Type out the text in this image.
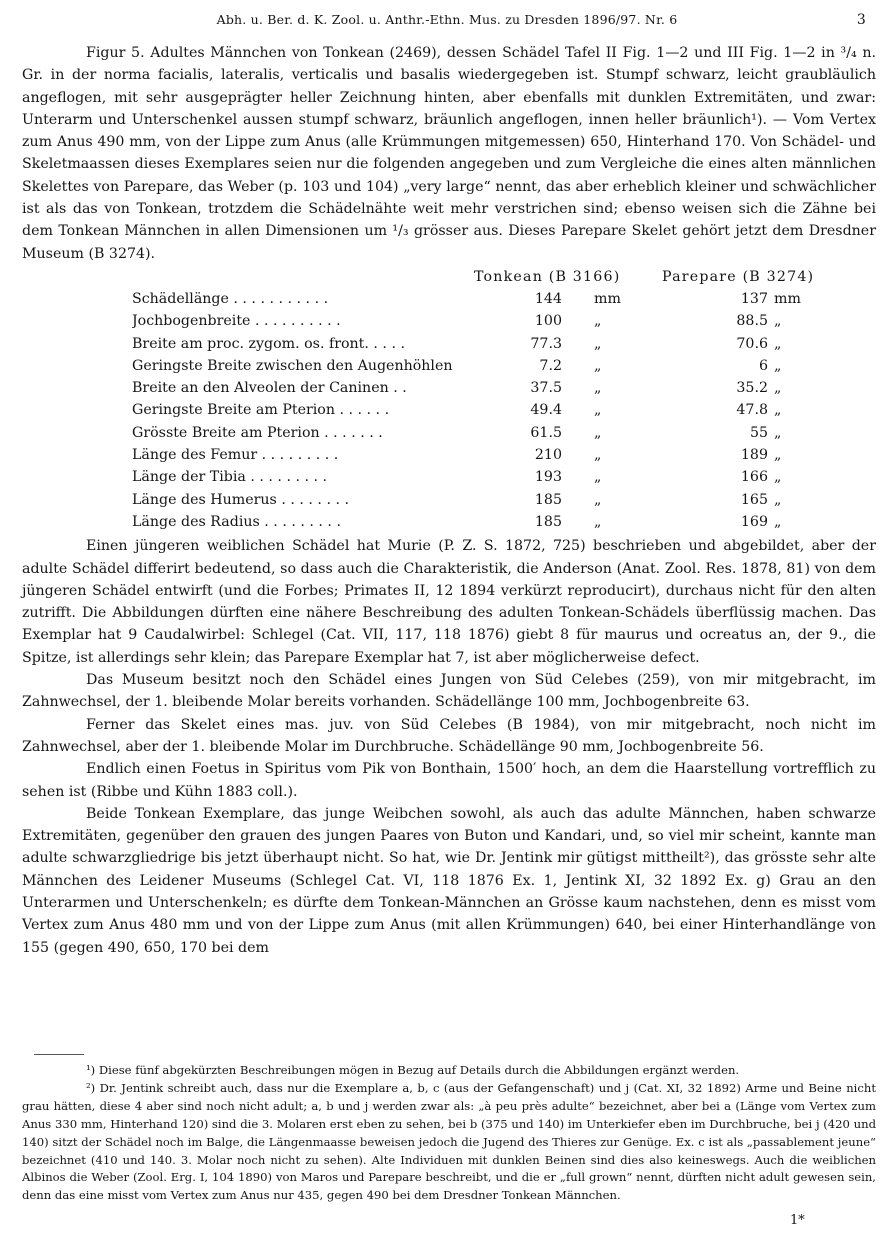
Abh. u. Ber. d. K. Zool. u. Anthr.-Ethn. Mus. zu Dresden 1896/97. Nr. 6	3

Figur 5. Adultes Männchen von Tonkean (2469), dessen Schädel Tafel II Fig. 1—2 und III Fig. 1—2 in ³/₄ n. Gr. in der norma facialis, lateralis, verticalis und basalis wiedergegeben ist. Stumpf schwarz, leicht graubläulich angeflogen, mit sehr ausgeprägter heller Zeichnung hinten, aber ebenfalls mit dunklen Extremitäten, und zwar: Unterarm und Unterschenkel aussen stumpf schwarz, bräunlich angeflogen, innen heller bräunlich¹). — Vom Vertex zum Anus 490 mm, von der Lippe zum Anus (alle Krümmungen mitgemessen) 650, Hinterhand 170. Von Schädel- und Skeletmaassen dieses Exemplares seien nur die folgenden angegeben und zum Vergleiche die eines alten männlichen Skelettes von Parepare, das Weber (p. 103 und 104) „very large“ nennt, das aber erheblich kleiner und schwächlicher ist als das von Tonkean, trotzdem die Schädelnähte weit mehr verstrichen sind; ebenso weisen sich die Zähne bei dem Tonkean Männchen in allen Dimensionen um ¹/₃ grösser aus. Dieses Parepare Skelet gehört jetzt dem Dresdner Museum (B 3274).

Tonkean (B 3166)	Parepare (B 3274)
Schädellänge . . . . . . . . . . .	144 mm	137 mm
Jochbogenbreite . . . . . . . . . .	100 „	88.5 „
Breite am proc. zygom. os. front. . . . .	77.3 „	70.6 „
Geringste Breite zwischen den Augenhöhlen	7.2 „	6 „
Breite an den Alveolen der Caninen . .	37.5 „	35.2 „
Geringste Breite am Pterion . . . . . .	49.4 „	47.8 „
Grösste Breite am Pterion . . . . . . .	61.5 „	55 „
Länge des Femur . . . . . . . . .	210 „	189 „
Länge der Tibia . . . . . . . . .	193 „	166 „
Länge des Humerus . . . . . . . .	185 „	165 „
Länge des Radius . . . . . . . . .	185 „	169 „

Einen jüngeren weiblichen Schädel hat Murie (P. Z. S. 1872, 725) beschrieben und abgebildet, aber der adulte Schädel differirt bedeutend, so dass auch die Charakteristik, die Anderson (Anat. Zool. Res. 1878, 81) von dem jüngeren Schädel entwirft (und die Forbes; Primates II, 12 1894 verkürzt reproducirt), durchaus nicht für den alten zutrifft. Die Abbildungen dürften eine nähere Beschreibung des adulten Tonkean-Schädels überflüssig machen. Das Exemplar hat 9 Caudalwirbel: Schlegel (Cat. VII, 117, 118 1876) giebt 8 für maurus und ocreatus an, der 9., die Spitze, ist allerdings sehr klein; das Parepare Exemplar hat 7, ist aber möglicherweise defect.

Das Museum besitzt noch den Schädel eines Jungen von Süd Celebes (259), von mir mitgebracht, im Zahnwechsel, der 1. bleibende Molar bereits vorhanden. Schädellänge 100 mm, Jochbogenbreite 63.

Ferner das Skelet eines mas. juv. von Süd Celebes (B 1984), von mir mitgebracht, noch nicht im Zahnwechsel, aber der 1. bleibende Molar im Durchbruche. Schädellänge 90 mm, Jochbogenbreite 56.

Endlich einen Foetus in Spiritus vom Pik von Bonthain, 1500′ hoch, an dem die Haarstellung vortrefflich zu sehen ist (Ribbe und Kühn 1883 coll.).

Beide Tonkean Exemplare, das junge Weibchen sowohl, als auch das adulte Männchen, haben schwarze Extremitäten, gegenüber den grauen des jungen Paares von Buton und Kandari, und, so viel mir scheint, kannte man adulte schwarzgliedrige bis jetzt überhaupt nicht. So hat, wie Dr. Jentink mir gütigst mittheilt²), das grösste sehr alte Männchen des Leidener Museums (Schlegel Cat. VI, 118 1876 Ex. 1, Jentink XI, 32 1892 Ex. g) Grau an den Unterarmen und Unterschenkeln; es dürfte dem Tonkean-Männchen an Grösse kaum nachstehen, denn es misst vom Vertex zum Anus 480 mm und von der Lippe zum Anus (mit allen Krümmungen) 640, bei einer Hinterhandlänge von 155 (gegen 490, 650, 170 bei dem

¹) Diese fünf abgekürzten Beschreibungen mögen in Bezug auf Details durch die Abbildungen ergänzt werden.

²) Dr. Jentink schreibt auch, dass nur die Exemplare a, b, c (aus der Gefangenschaft) und j (Cat. XI, 32 1892) Arme und Beine nicht grau hätten, diese 4 aber sind noch nicht adult; a, b und j werden zwar als: „à peu près adulte“ bezeichnet, aber bei a (Länge vom Vertex zum Anus 330 mm, Hinterhand 120) sind die 3. Molaren erst eben zu sehen, bei b (375 und 140) im Unterkiefer eben im Durchbruche, bei j (420 und 140) sitzt der Schädel noch im Balge, die Längenmaasse beweisen jedoch die Jugend des Thieres zur Genüge. Ex. c ist als „passablement jeune“ bezeichnet (410 und 140. 3. Molar noch nicht zu sehen). Alte Individuen mit dunklen Beinen sind dies also keineswegs. Auch die weiblichen Albinos die Weber (Zool. Erg. I, 104 1890) von Maros und Parepare beschreibt, und die er „full grown“ nennt, dürften nicht adult gewesen sein, denn das eine misst vom Vertex zum Anus nur 435, gegen 490 bei dem Dresdner Tonkean Männchen.

1*
